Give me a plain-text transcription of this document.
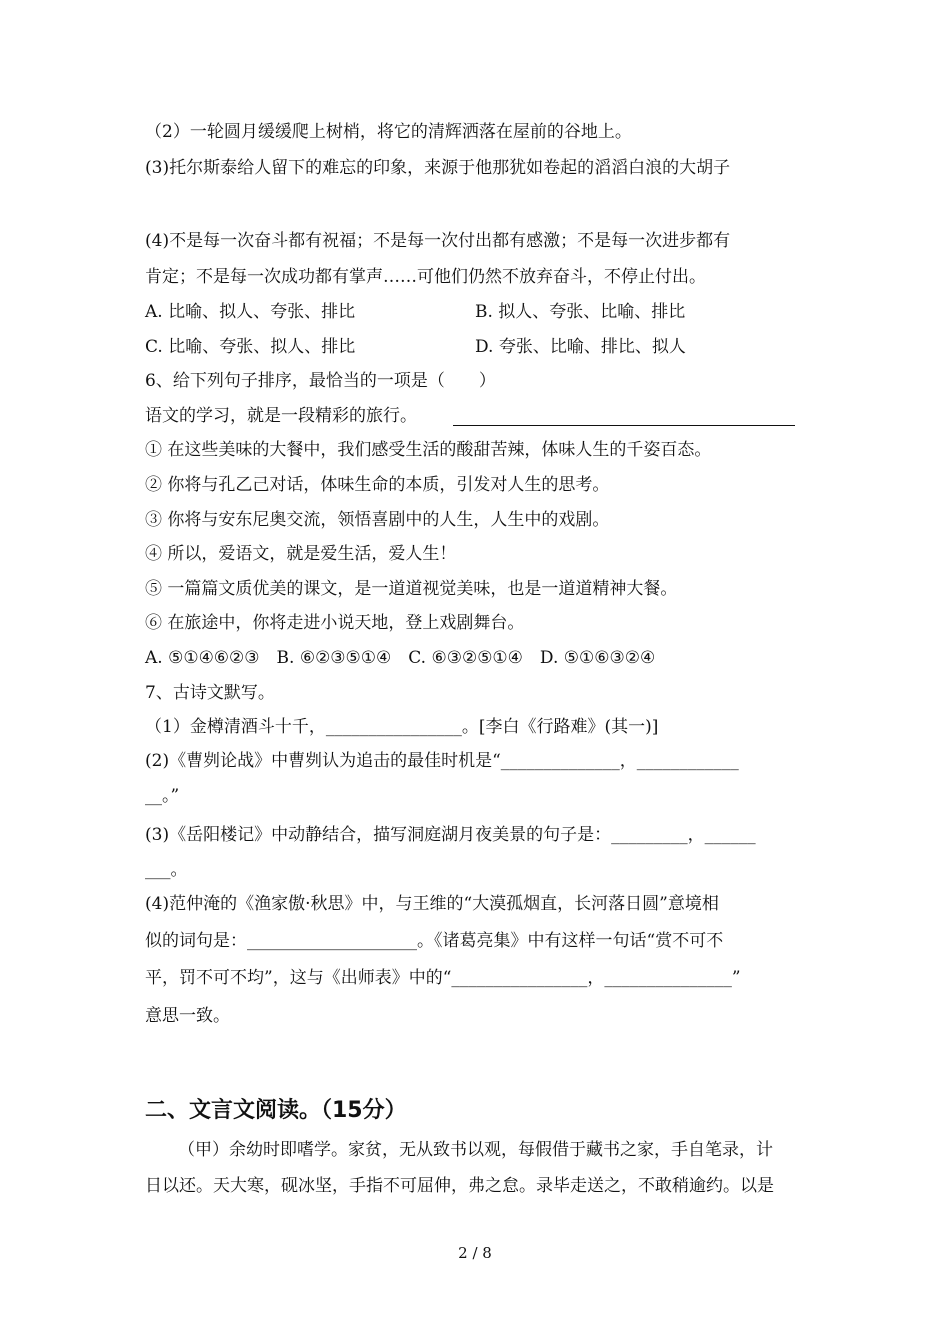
（2）一轮圆月缓缓爬上树梢，将它的清辉洒落在屋前的谷地上。
(3)托尔斯泰给人留下的难忘的印象，来源于他那犹如卷起的滔滔白浪的大胡子
(4)不是每一次奋斗都有祝福；不是每一次付出都有感激；不是每一次进步都有
肯定；不是每一次成功都有掌声……可他们仍然不放弃奋斗，不停止付出。
A. 比喻、拟人、夸张、排比	B. 拟人、夸张、比喻、排比
C. 比喻、夸张、拟人、排比	D. 夸张、比喻、排比、拟人
6、给下列句子排序，最恰当的一项是（　　）
语文的学习，就是一段精彩的旅行。
① 在这些美味的大餐中，我们感受生活的酸甜苦辣，体味人生的千姿百态。
② 你将与孔乙己对话，体味生命的本质，引发对人生的思考。
③ 你将与安东尼奥交流，领悟喜剧中的人生，人生中的戏剧。
④ 所以，爱语文，就是爱生活，爱人生！
⑤ 一篇篇文质优美的课文，是一道道视觉美味，也是一道道精神大餐。
⑥ 在旅途中，你将走进小说天地，登上戏剧舞台。
A. ⑤①④⑥②③　B. ⑥②③⑤①④　C. ⑥③②⑤①④　D. ⑤①⑥③②④
7、古诗文默写。
（1）金樽清酒斗十千，________________。[李白《行路难》(其一)]
(2)《曹刿论战》中曹刿认为追击的最佳时机是“______________，____________
__。”
(3)《岳阳楼记》中动静结合，描写洞庭湖月夜美景的句子是：_________，______
___。
(4)范仲淹的《渔家傲·秋思》中，与王维的“大漠孤烟直，长河落日圆”意境相
似的词句是：____________________。《诸葛亮集》中有这样一句话“赏不可不
平，罚不可不均”，这与《出师表》中的“________________，_______________”
意思一致。
二、文言文阅读。（15分）
（甲）余幼时即嗜学。家贫，无从致书以观，每假借于藏书之家，手自笔录，计
日以还。天大寒，砚冰坚，手指不可屈伸，弗之怠。录毕走送之，不敢稍逾约。以是
2 / 8
